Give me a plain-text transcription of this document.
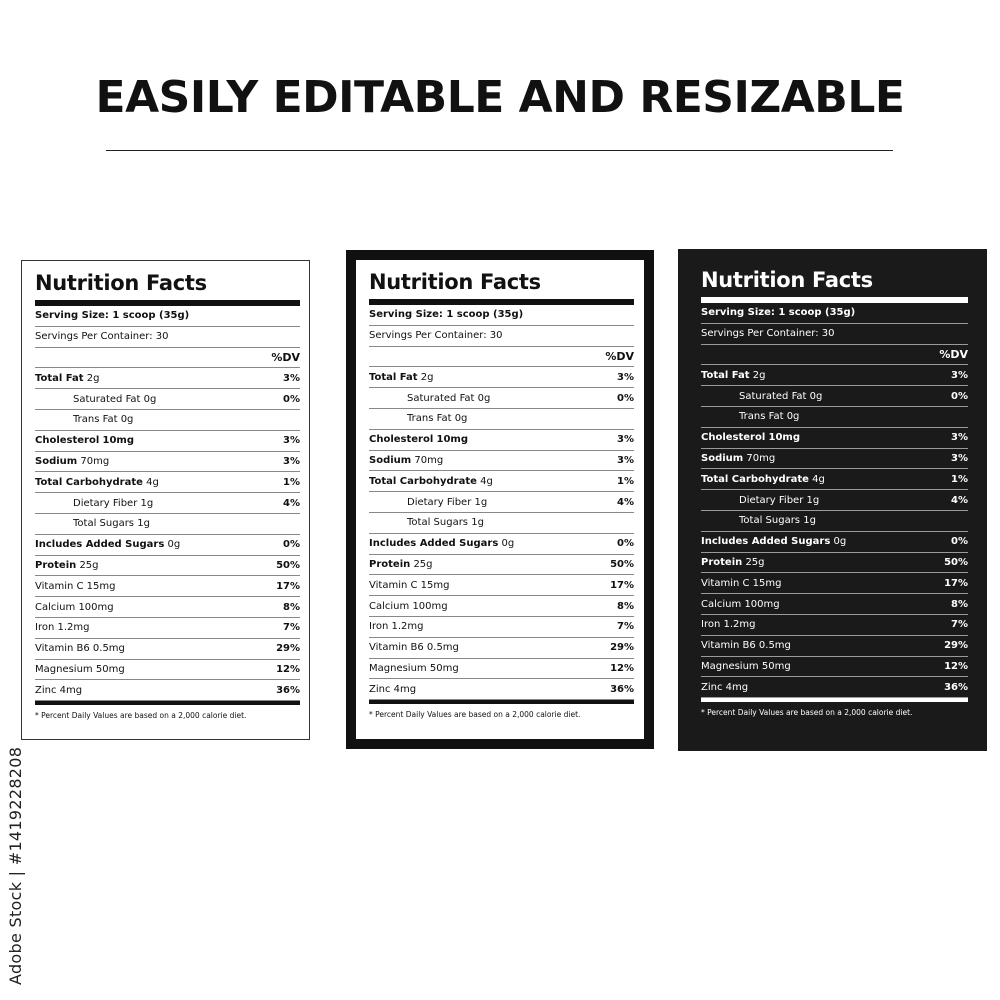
EASILY EDITABLE AND RESIZABLE
Nutrition Facts
Serving Size: 1 scoop (35g)
Servings Per Container: 30
%DV
Total Fat 2g	3%
Saturated Fat 0g	0%
Trans Fat 0g
Cholesterol 10mg	3%
Sodium 70mg	3%
Total Carbohydrate 4g	1%
Dietary Fiber 1g	4%
Total Sugars 1g
Includes Added Sugars 0g	0%
Protein 25g	50%
Vitamin C 15mg	17%
Calcium 100mg	8%
Iron 1.2mg	7%
Vitamin B6 0.5mg	29%
Magnesium 50mg	12%
Zinc 4mg	36%
* Percent Daily Values are based on a 2,000 calorie diet.
Nutrition Facts
Serving Size: 1 scoop (35g)
Servings Per Container: 30
%DV
Total Fat 2g	3%
Saturated Fat 0g	0%
Trans Fat 0g
Cholesterol 10mg	3%
Sodium 70mg	3%
Total Carbohydrate 4g	1%
Dietary Fiber 1g	4%
Total Sugars 1g
Includes Added Sugars 0g	0%
Protein 25g	50%
Vitamin C 15mg	17%
Calcium 100mg	8%
Iron 1.2mg	7%
Vitamin B6 0.5mg	29%
Magnesium 50mg	12%
Zinc 4mg	36%
* Percent Daily Values are based on a 2,000 calorie diet.
Nutrition Facts
Serving Size: 1 scoop (35g)
Servings Per Container: 30
%DV
Total Fat 2g	3%
Saturated Fat 0g	0%
Trans Fat 0g
Cholesterol 10mg	3%
Sodium 70mg	3%
Total Carbohydrate 4g	1%
Dietary Fiber 1g	4%
Total Sugars 1g
Includes Added Sugars 0g	0%
Protein 25g	50%
Vitamin C 15mg	17%
Calcium 100mg	8%
Iron 1.2mg	7%
Vitamin B6 0.5mg	29%
Magnesium 50mg	12%
Zinc 4mg	36%
* Percent Daily Values are based on a 2,000 calorie diet.
Adobe Stock | #1419228208
